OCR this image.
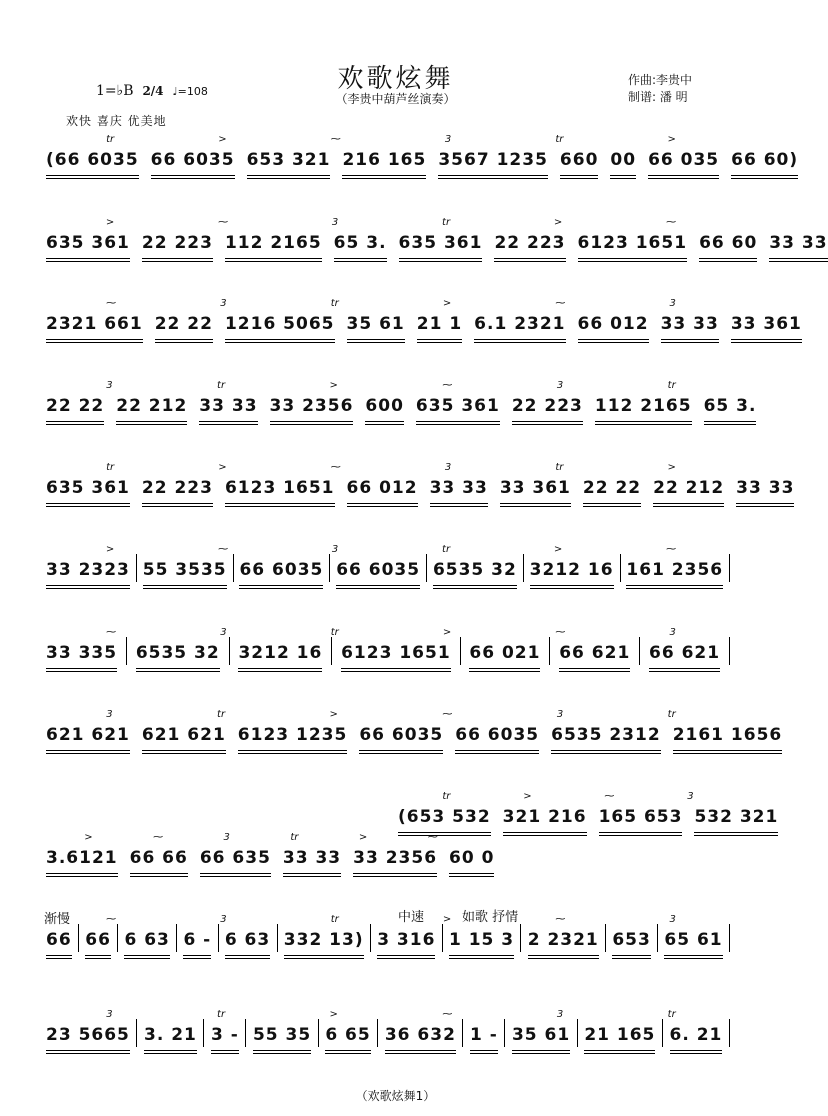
欢歌炫舞
（李贵中葫芦丝演奏）
1=♭B 2/4 ♩=108
作曲:李贵中
制谱: 潘 明
欢快 喜庆 优美地
(66 6035 66 6035 653 321 216 165 3567 1235 660 00 66 035 66 60)
tr	>	⁓	3	tr	>
635 361 22 223 112 2165 65 3. 635 361 22 223 6123 1651 66 60 33 33
>	⁓	3	tr	>	⁓
2321 661 22 22 1216 5065 35 61 21 1 6.1 2321 66 012 33 33 33 361
⁓	3	tr	>	⁓	3
22 22 22 212 33 33 33 2356 600 635 361 22 223 112 2165 65 3.
3	tr	>	⁓	3	tr
635 361 22 223 6123 1651 66 012 33 33 33 361 22 22 22 212 33 33
tr	>	⁓	3	tr	>
33 2323 55 3535 66 6035 66 6035 6535 32 3212 16 161 2356
>	⁓	3	tr	>	⁓
33 335 6535 32 3212 16 6123 1651 66 021 66 621 66 621
⁓	3	tr	>	⁓	3
621 621 621 621 6123 1235 66 6035 66 6035 6535 2312 2161 1656
3	tr	>	⁓	3	tr
(653 532 321 216 165 653 532 321
tr	>	⁓	3
3.6121 66 66 66 635 33 33 33 2356 60 0
>	⁓	3	tr	>	⁓
66 66 6 63 6 - 6 63 332 13) 3 316 1 15 3 2 2321 653 65 61
⁓	3	tr	>	⁓	3
23 5665 3. 21 3 - 55 35 6 65 36 632 1 - 35 61 21 165 6. 21
3	tr	>	⁓	3	tr
渐慢	中速	如歌 抒情
（欢歌炫舞1）
